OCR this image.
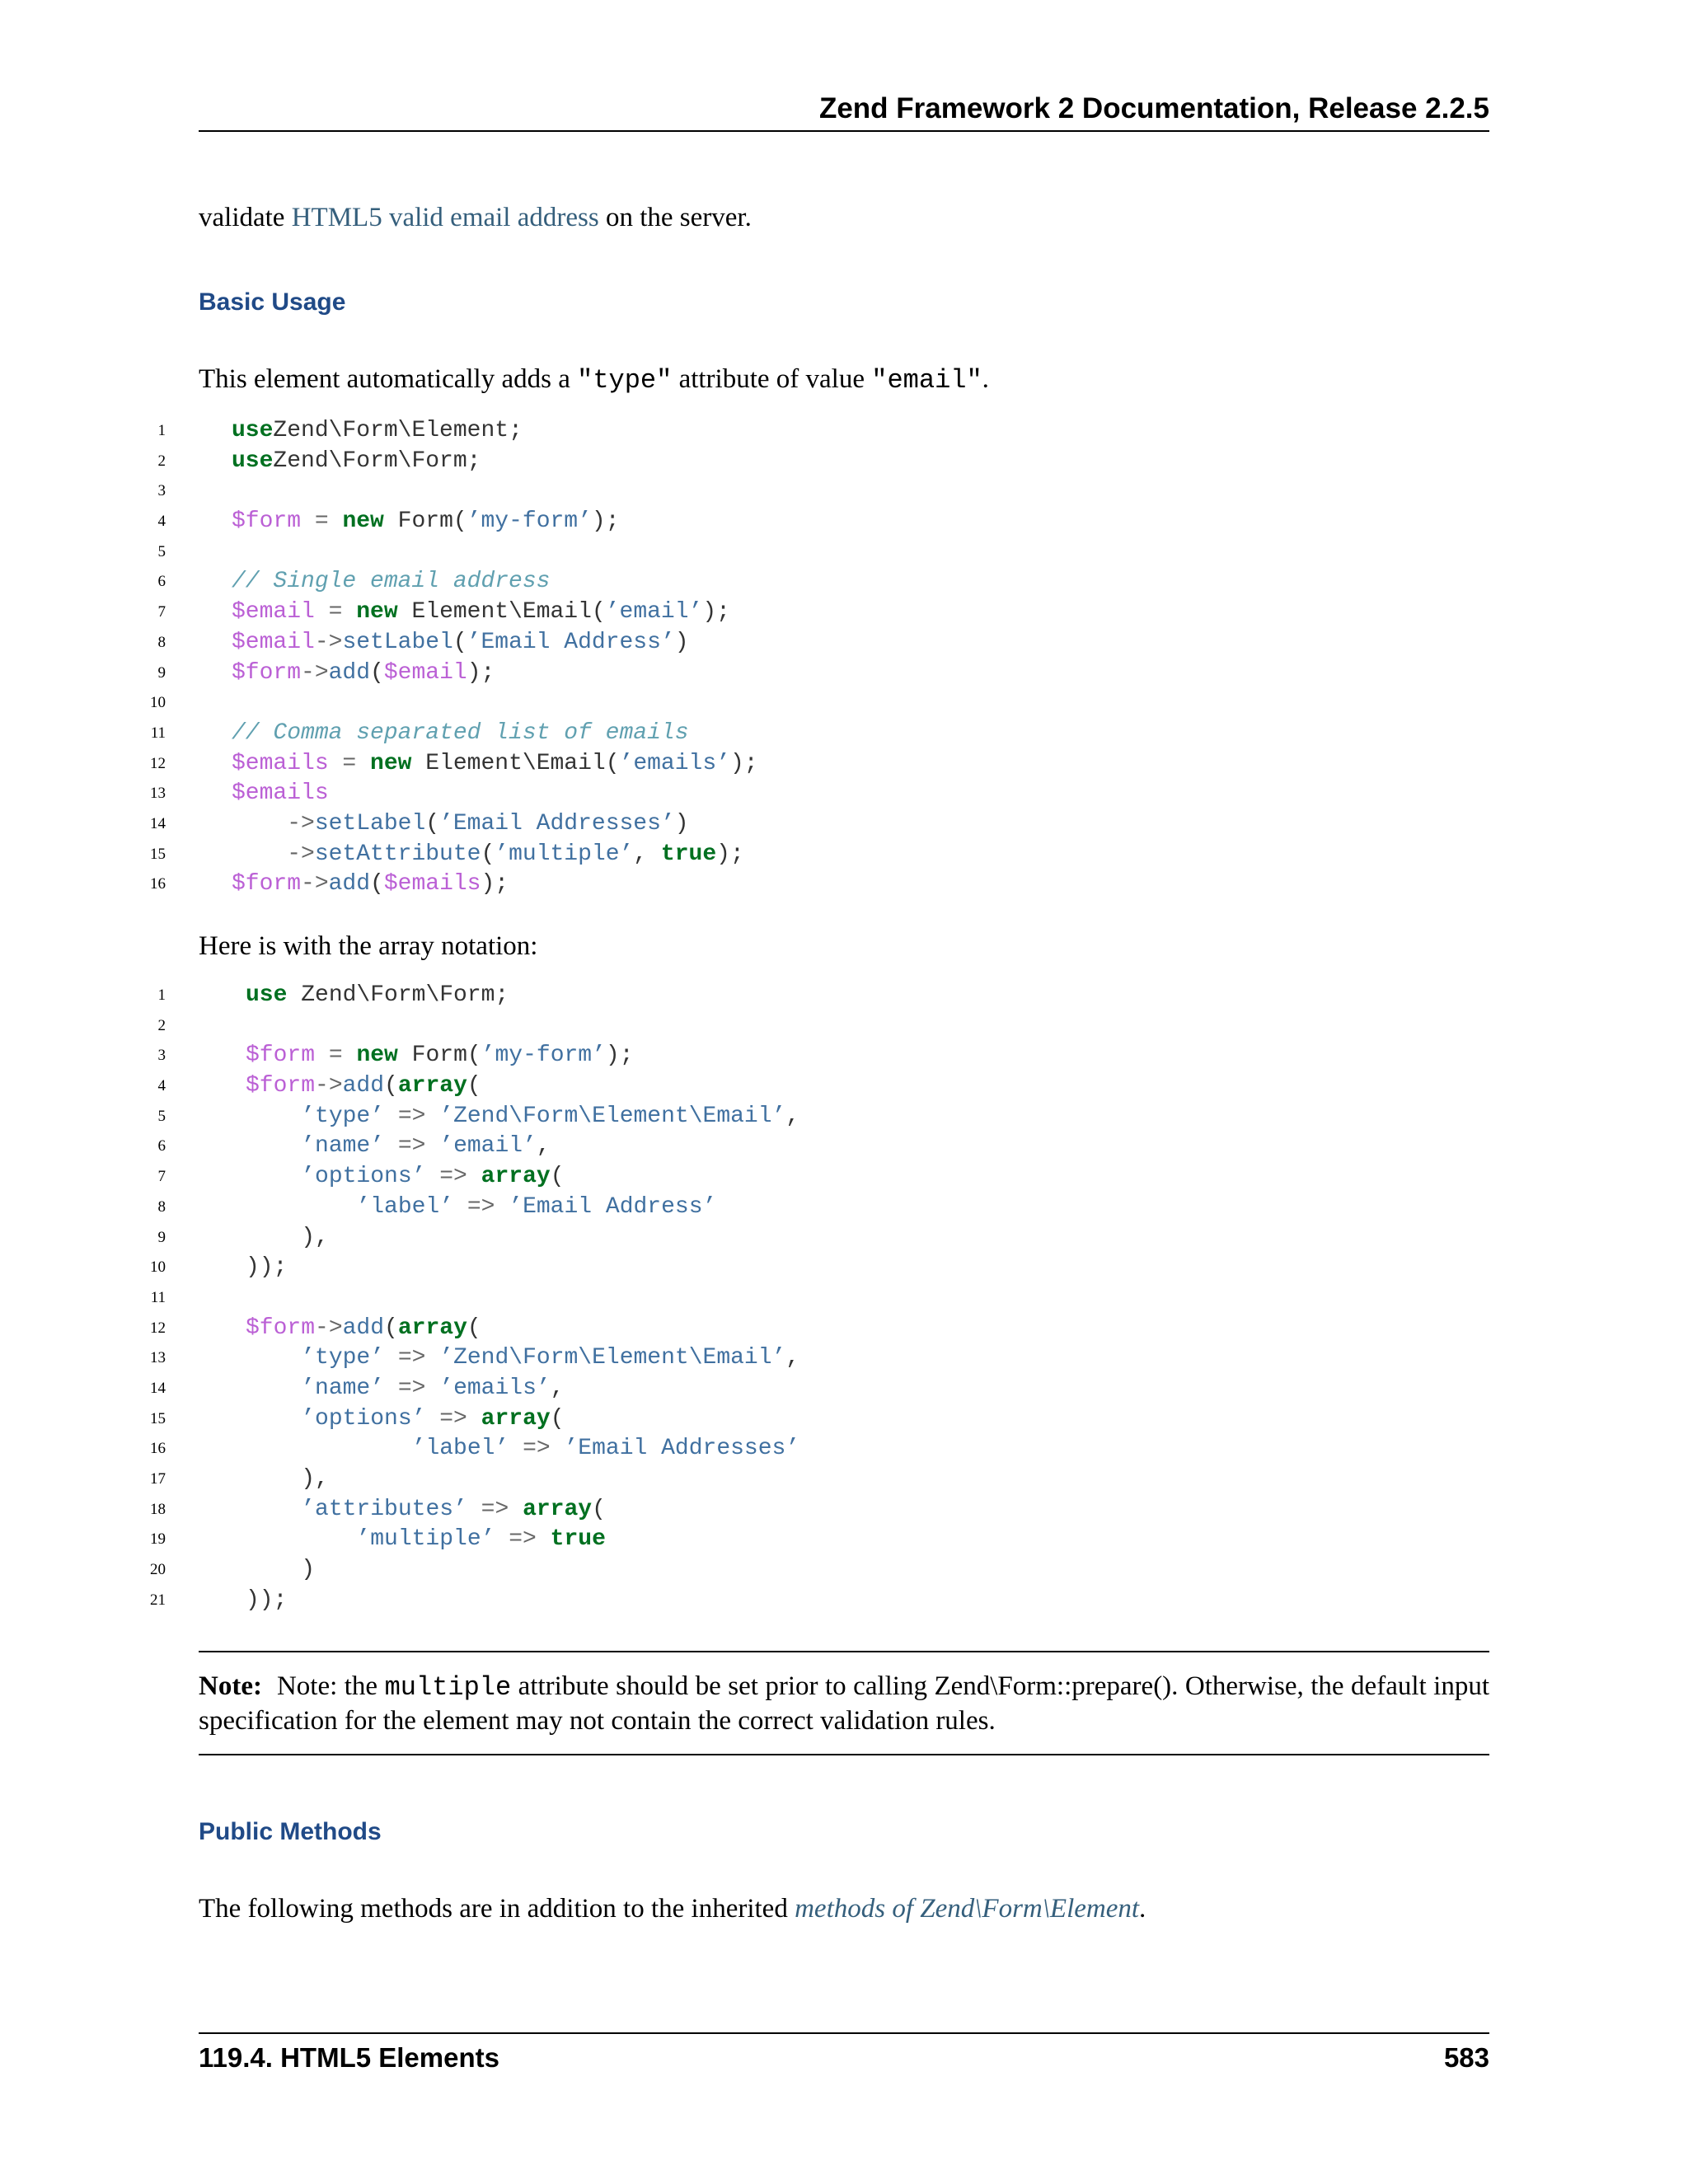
Zend Framework 2 Documentation, Release 2.2.5
validate HTML5 valid email address on the server.
Basic Usage
This element automatically adds a "type" attribute of value "email".
1	useZend\Form\Element;
2	useZend\Form\Form;
3
4	$form = new Form(’my-form’);
5
6	// Single email address
7	$email = new Element\Email(’email’);
8	$email->setLabel(’Email Address’)
9	$form->add($email);
10
11	// Comma separated list of emails
12	$emails = new Element\Email(’emails’);
13	$emails
14	->setLabel(’Email Addresses’)
15	->setAttribute(’multiple’, true);
16	$form->add($emails);
Here is with the array notation:
1	use Zend\Form\Form;
2
3	$form = new Form(’my-form’);
4	$form->add(array(
5	’type’ => ’Zend\Form\Element\Email’,
6	’name’ => ’email’,
7	’options’ => array(
8	’label’ => ’Email Address’
9	),
10	));
11
12	$form->add(array(
13	’type’ => ’Zend\Form\Element\Email’,
14	’name’ => ’emails’,
15	’options’ => array(
16	’label’ => ’Email Addresses’
17	),
18	’attributes’ => array(
19	’multiple’ => true
20	)
21	));
Note: Note: the multiple attribute should be set prior to calling Zend\Form::prepare(). Otherwise, the default input specification for the element may not contain the correct validation rules.
Public Methods
The following methods are in addition to the inherited methods of Zend\Form\Element.
119.4. HTML5 Elements	583
